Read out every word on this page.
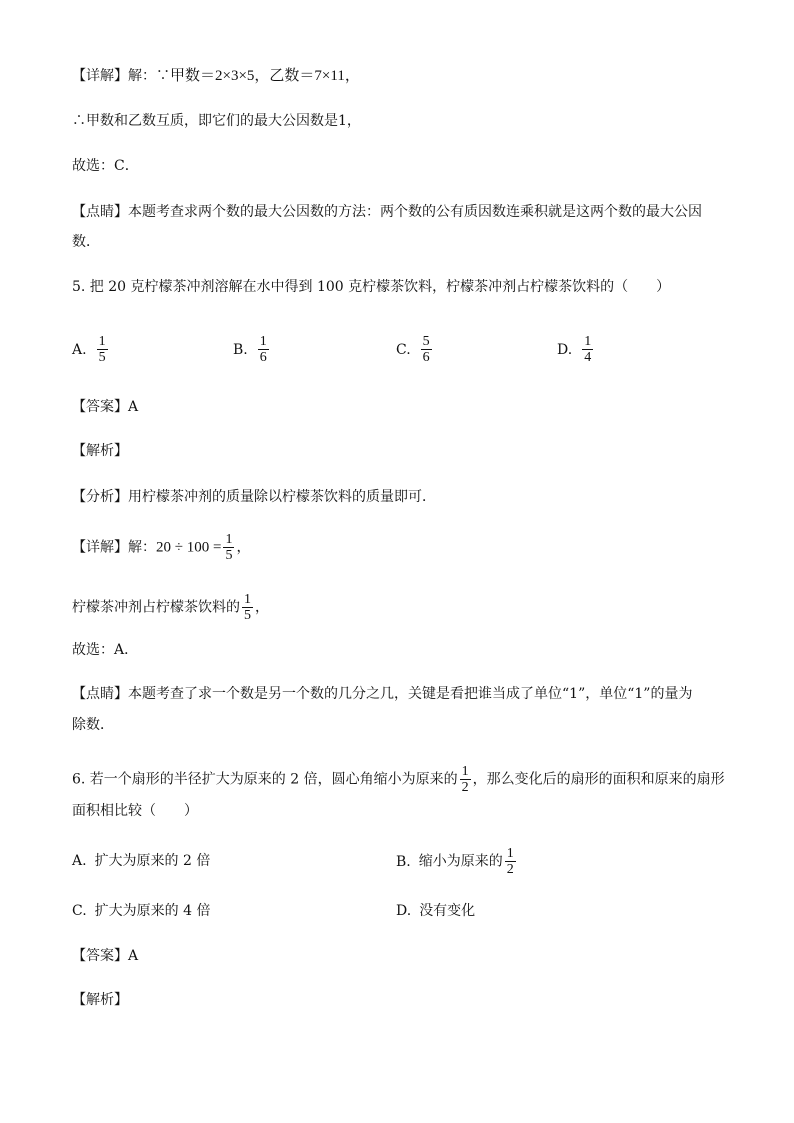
【详解】解：∵甲数＝2×3×5，乙数＝7×11，
∴甲数和乙数互质，即它们的最大公因数是1，
故选：C．
【点睛】本题考查求两个数的最大公因数的方法：两个数的公有质因数连乘积就是这两个数的最大公因
数．
5. 把 20 克柠檬茶冲剂溶解在水中得到 100 克柠檬茶饮料，柠檬茶冲剂占柠檬茶饮料的（　　）
A. $\frac{1}{5}$	B. $\frac{1}{6}$	C. $\frac{5}{6}$	D. $\frac{1}{4}$
【答案】A
【解析】
【分析】用柠檬茶冲剂的质量除以柠檬茶饮料的质量即可．
【详解】解：$20 \div 100 = \frac{1}{5}$ ，
柠檬茶冲剂占柠檬茶饮料的 $\frac{1}{5}$ ，
故选：A．
【点睛】本题考查了求一个数是另一个数的几分之几，关键是看把谁当成了单位“1”，单位“1”的量为
除数．
6. 若一个扇形的半径扩大为原来的 2 倍，圆心角缩小为原来的 $\frac{1}{2}$ ，那么变化后的扇形的面积和原来的扇形
面积相比较（　　）
A. 扩大为原来的 2 倍	B. 缩小为原来的 $\frac{1}{2}$
C. 扩大为原来的 4 倍	D. 没有变化
【答案】A
【解析】
